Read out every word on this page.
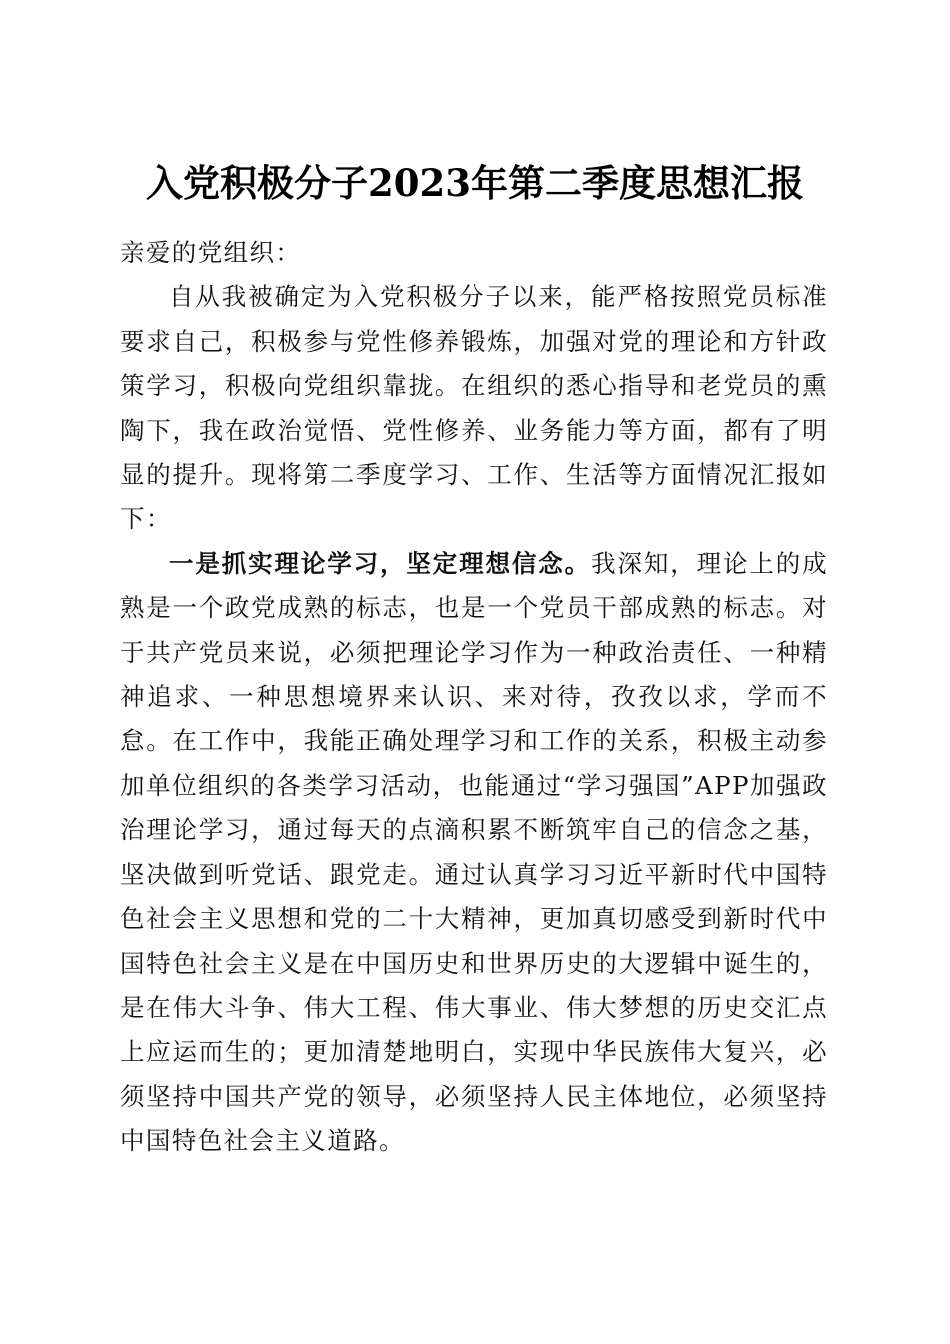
入党积极分子2023年第二季度思想汇报

亲爱的党组织：

自从我被确定为入党积极分子以来，能严格按照党员标准要求自己，积极参与党性修养锻炼，加强对党的理论和方针政策学习，积极向党组织靠拢。在组织的悉心指导和老党员的熏陶下，我在政治觉悟、党性修养、业务能力等方面，都有了明显的提升。现将第二季度学习、工作、生活等方面情况汇报如下：

一是抓实理论学习，坚定理想信念。我深知，理论上的成熟是一个政党成熟的标志，也是一个党员干部成熟的标志。对于共产党员来说，必须把理论学习作为一种政治责任、一种精神追求、一种思想境界来认识、来对待，孜孜以求，学而不怠。在工作中，我能正确处理学习和工作的关系，积极主动参加单位组织的各类学习活动，也能通过“学习强国”APP加强政治理论学习，通过每天的点滴积累不断筑牢自己的信念之基，坚决做到听党话、跟党走。通过认真学习习近平新时代中国特色社会主义思想和党的二十大精神，更加真切感受到新时代中国特色社会主义是在中国历史和世界历史的大逻辑中诞生的，是在伟大斗争、伟大工程、伟大事业、伟大梦想的历史交汇点上应运而生的；更加清楚地明白，实现中华民族伟大复兴，必须坚持中国共产党的领导，必须坚持人民主体地位，必须坚持中国特色社会主义道路。
